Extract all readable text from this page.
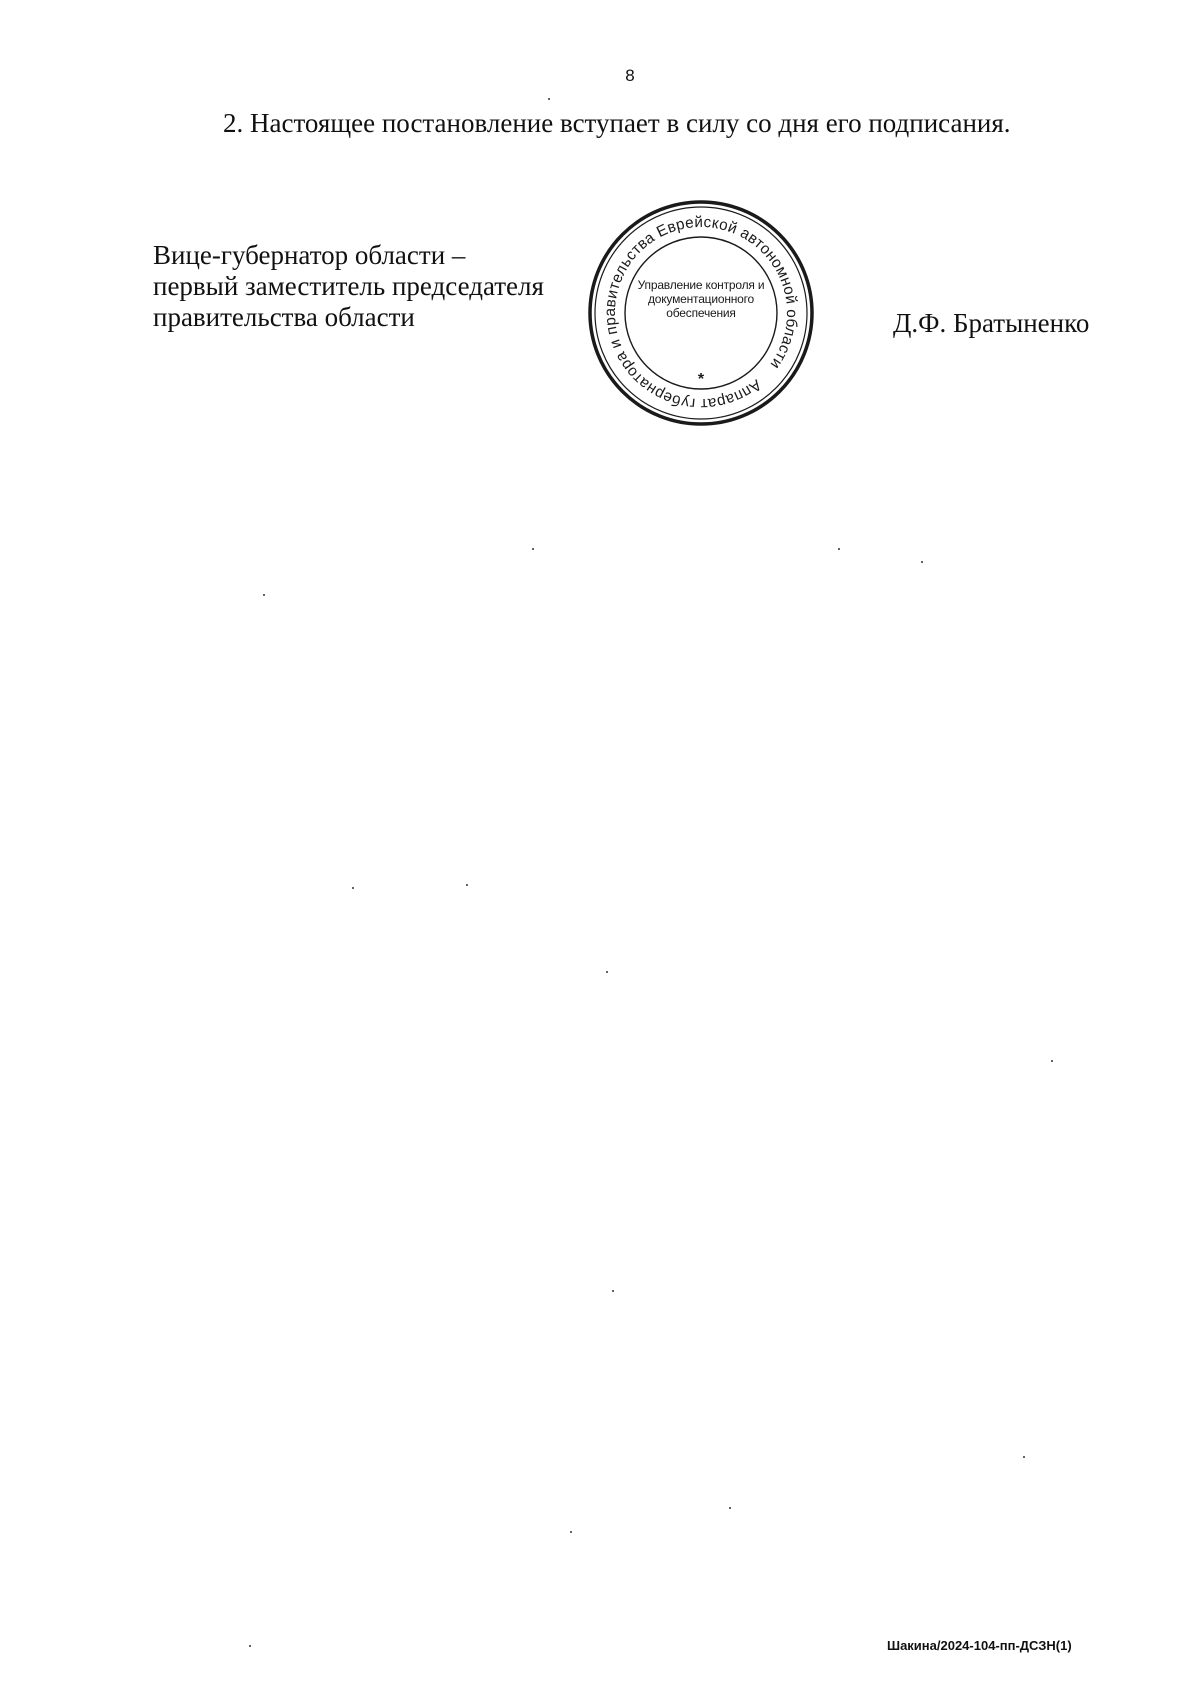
8
2. Настоящее постановление вступает в силу со дня его подписания.
Вице-губернатор области –
первый заместитель председателя
правительства области
Аппарат губернатора и правительства Еврейской автономной области
*
Управление контроля и
документационного
обеспечения	Д.Ф. Братыненко
Шакина/2024-104-пп-ДСЗН(1)
